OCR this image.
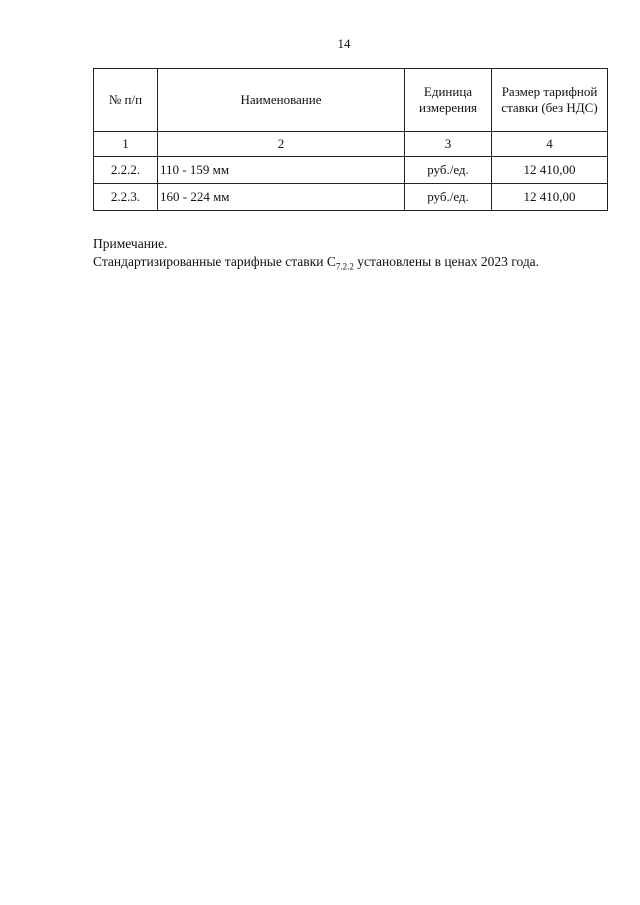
14
№ п/п	Наименование	Единица измерения	Размер тарифной ставки (без НДС)
1	2	3	4
2.2.2.	110 - 159 мм	руб./ед.	12 410,00
2.2.3.	160 - 224 мм	руб./ед.	12 410,00
Примечание.
Стандартизированные тарифные ставки $С_{7.2.2}$ установлены в ценах 2023 года.
